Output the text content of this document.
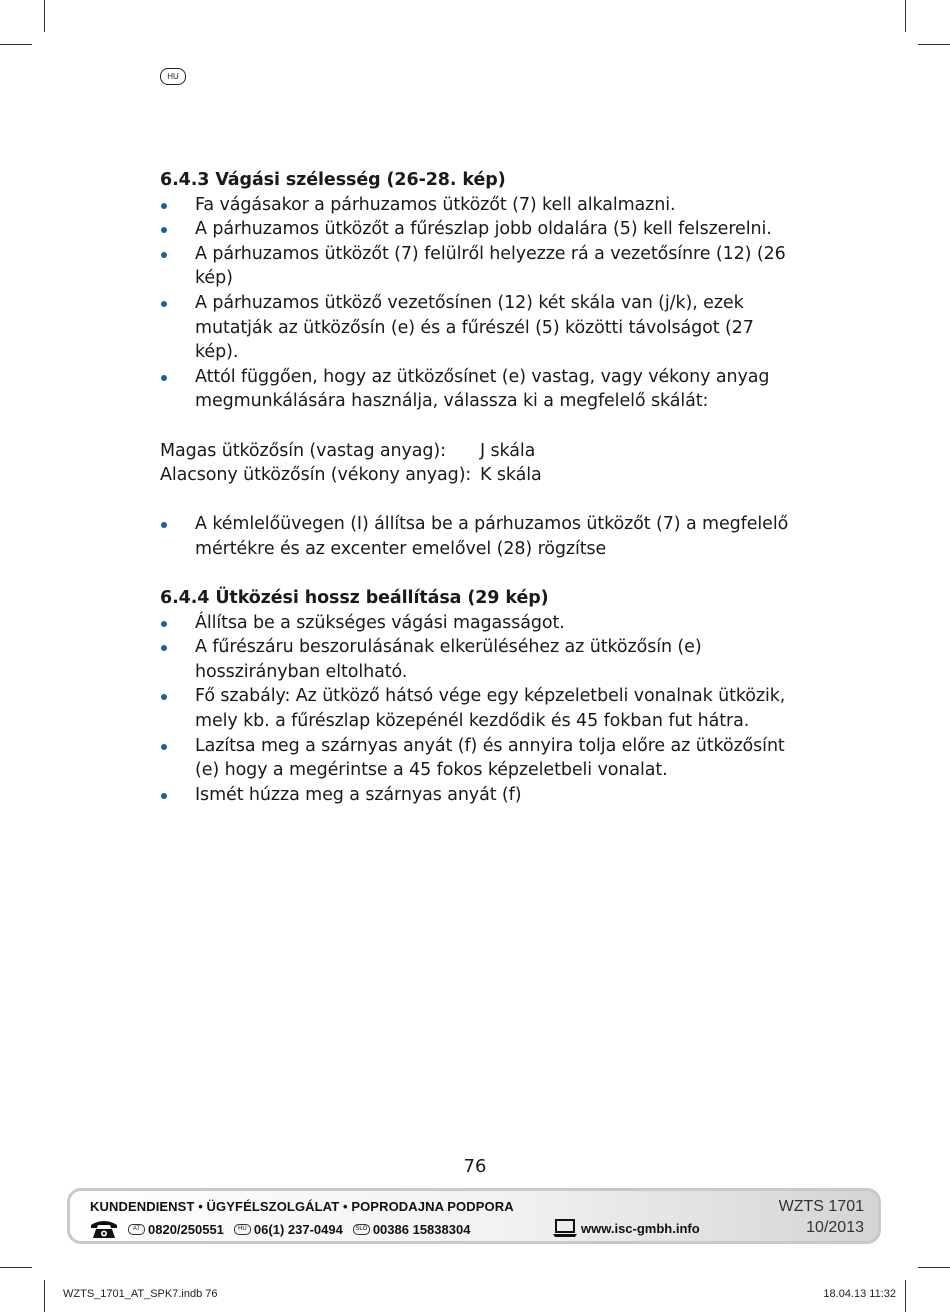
HU

6.4.3 Vágási szélesség (26-28. kép)

Fa vágásakor a párhuzamos ütközőt (7) kell alkalmazni.
A párhuzamos ütközőt a fűrészlap jobb oldalára (5) kell felszerelni.
A párhuzamos ütközőt (7) felülről helyezze rá a vezetősínre (12) (26 kép)
A párhuzamos ütköző vezetősínen (12) két skála van (j/k), ezek mutatják az ütközősín (e) és a fűrészél (5) közötti távolságot (27 kép).
Attól függően, hogy az ütközősínet (e) vastag, vagy vékony anyag megmunkálására használja, válassza ki a megfelelő skálát:
Magas ütközősín (vastag anyag):	J skála
Alacsony ütközősín (vékony anyag): K skála
A kémlelőüvegen (I) állítsa be a párhuzamos ütközőt (7) a megfelelő mértékre és az excenter emelővel (28) rögzítse

6.4.4 Ütközési hossz beállítása (29 kép)

Állítsa be a szükséges vágási magasságot.
A fűrészáru beszorulásának elkerüléséhez az ütközősín (e) hosszirányban eltolható.
Fő szabály: Az ütköző hátsó vége egy képzeletbeli vonalnak ütközik, mely kb. a fűrészlap közepénél kezdődik és 45 fokban fut hátra.
Lazítsa meg a szárnyas anyát (f) és annyira tolja előre az ütközősínt (e) hogy a megérintse a 45 fokos képzeletbeli vonalat.
Ismét húzza meg a szárnyas anyát (f)
76
KUNDENDIENST • ÜGYFÉLSZOLGÁLAT • POPRODAJNA PODPORA
AT 0820/250551	HU 06(1) 237-0494	SLO 00386 15838304	www.isc-gmbh.info
WZTS 1701
10/2013
WZTS_1701_AT_SPK7.indb 76	18.04.13 11:32
